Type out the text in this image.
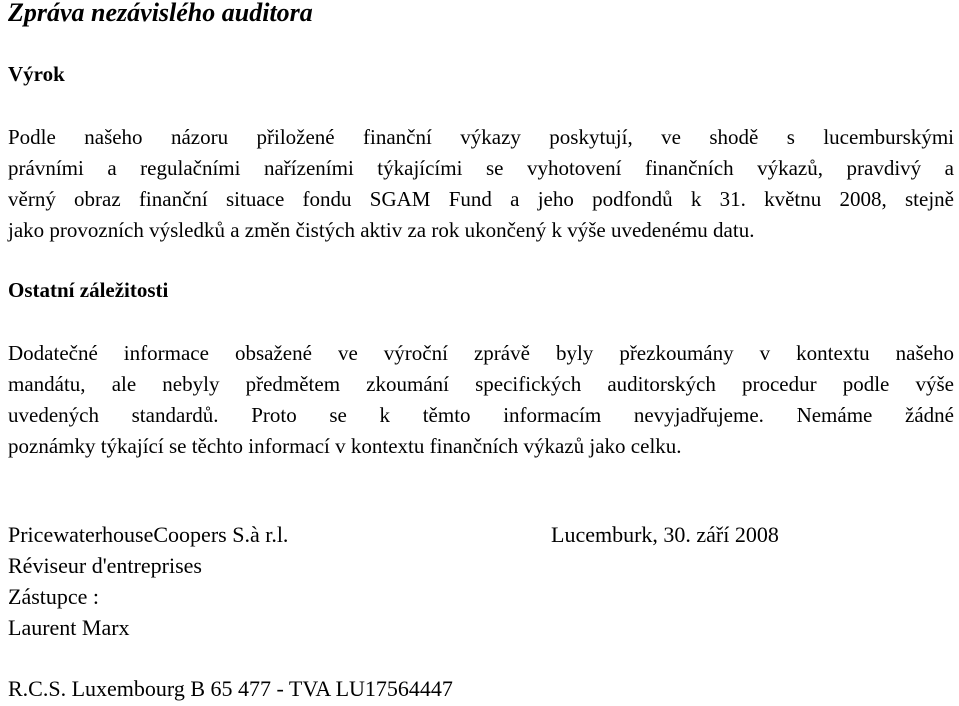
Zpráva nezávislého auditora
Výrok
Podle našeho názoru přiložené finanční výkazy poskytují, ve shodě s lucemburskými
právními a regulačními nařízeními týkajícími se vyhotovení finančních výkazů, pravdivý a
věrný obraz finanční situace fondu SGAM Fund a jeho podfondů k 31. květnu 2008, stejně
jako provozních výsledků a změn čistých aktiv za rok ukončený k výše uvedenému datu.
Ostatní záležitosti
Dodatečné informace obsažené ve výroční zprávě byly přezkoumány v kontextu našeho
mandátu, ale nebyly předmětem zkoumání specifických auditorských procedur podle výše
uvedených standardů. Proto se k těmto informacím nevyjadřujeme. Nemáme žádné
poznámky týkající se těchto informací v kontextu finančních výkazů jako celku.
PricewaterhouseCoopers S.à r.l.	Lucemburk, 30. září 2008
Réviseur d'entreprises
Zástupce :
Laurent Marx
R.C.S. Luxembourg B 65 477 - TVA LU17564447
